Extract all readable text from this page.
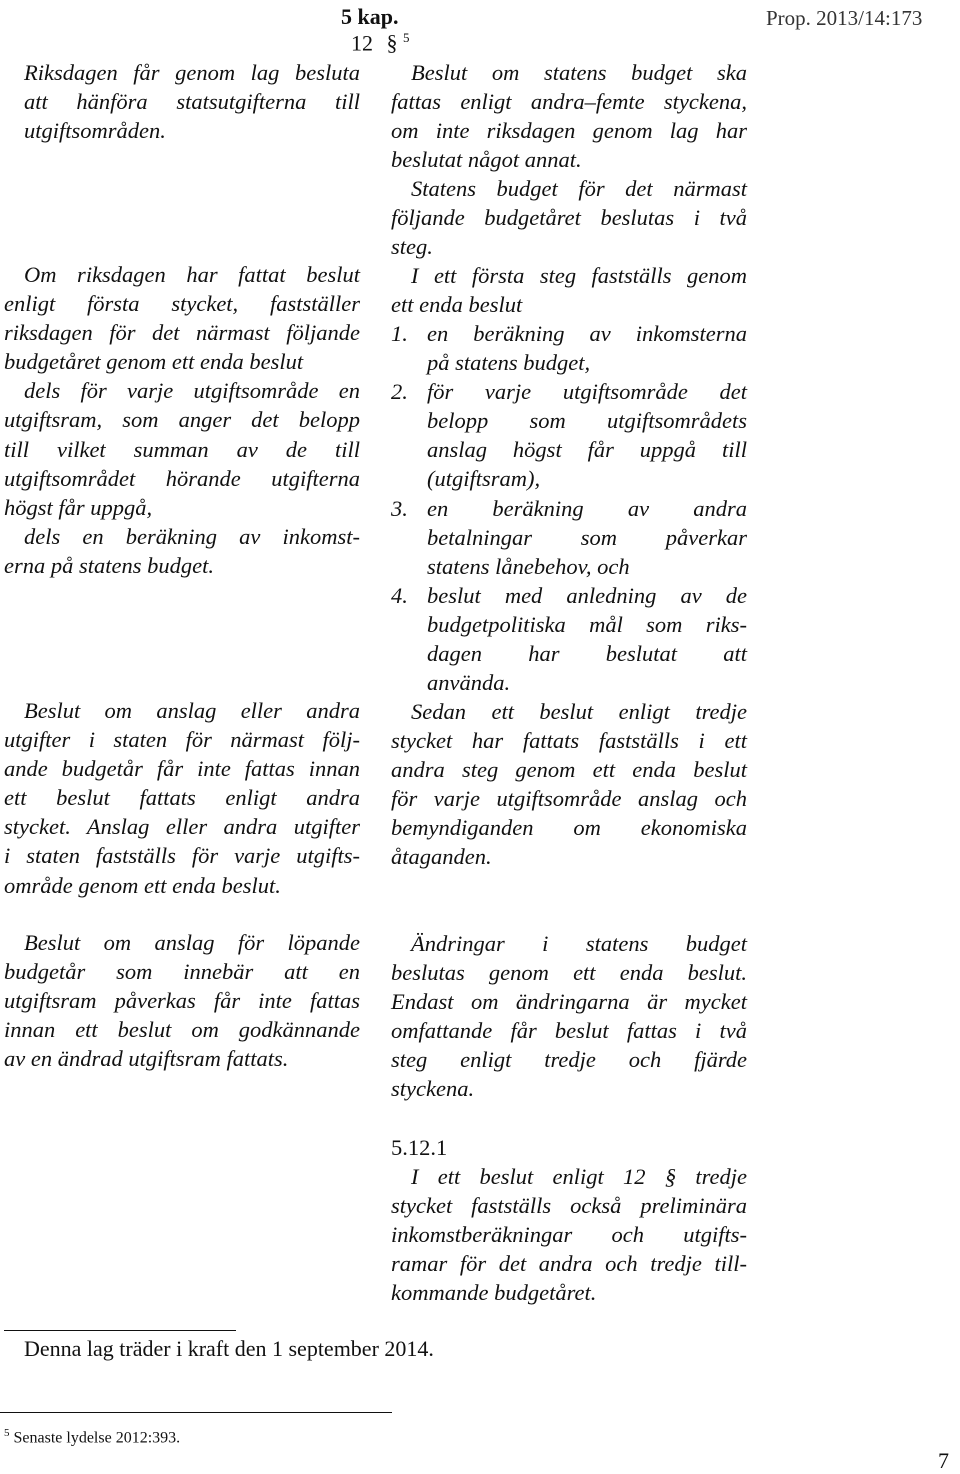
5 kap.
12 § $^5$
Prop. 2013/14:173
Riksdagen får genom lag besluta
att hänföra statsutgifterna till
utgiftsområden.
Om riksdagen har fattat beslut
enligt första stycket, fastställer
riksdagen för det närmast följande
budgetåret genom ett enda beslut
dels för varje utgiftsområde en
utgiftsram, som anger det belopp
till vilket summan av de till
utgiftsområdet hörande utgifterna
högst får uppgå,
dels en beräkning av inkomst-
erna på statens budget.
Beslut om anslag eller andra
utgifter i staten för närmast följ-
ande budgetår får inte fattas innan
ett beslut fattats enligt andra
stycket. Anslag eller andra utgifter
i staten fastställs för varje utgifts-
område genom ett enda beslut.
Beslut om anslag för löpande
budgetår som innebär att en
utgiftsram påverkas får inte fattas
innan ett beslut om godkännande
av en ändrad utgiftsram fattats.
Beslut om statens budget ska
fattas enligt andra–femte styckena,
om inte riksdagen genom lag har
beslutat något annat.
Statens budget för det närmast
följande budgetåret beslutas i två
steg.
I ett första steg fastställs genom
ett enda beslut
1. en beräkning av inkomsterna
på statens budget,
2. för varje utgiftsområde det
belopp som utgiftsområdets
anslag högst får uppgå till
(utgiftsram),
3. en beräkning av andra
betalningar som påverkar
statens lånebehov, och
4. beslut med anledning av de
budgetpolitiska mål som riks-
dagen har beslutat att
använda.
Sedan ett beslut enligt tredje
stycket har fattats fastställs i ett
andra steg genom ett enda beslut
för varje utgiftsområde anslag och
bemyndiganden om ekonomiska
åtaganden.
Ändringar i statens budget
beslutas genom ett enda beslut.
Endast om ändringarna är mycket
omfattande får beslut fattas i två
steg enligt tredje och fjärde
styckena.
5.12.1
I ett beslut enligt 12 § tredje
stycket fastställs också preliminära
inkomstberäkningar och utgifts-
ramar för det andra och tredje till-
kommande budgetåret.
Denna lag träder i kraft den 1 september 2014.
$^5$ Senaste lydelse 2012:393.
7
